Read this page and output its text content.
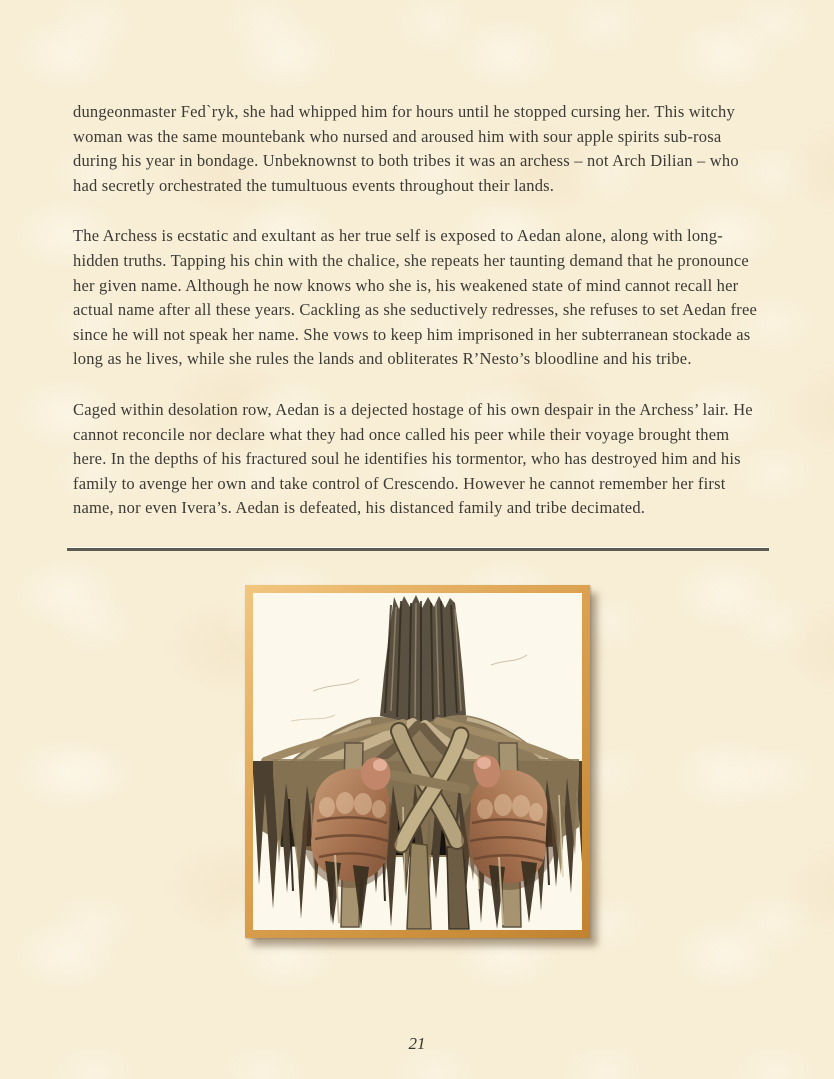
dungeonmaster Fed`ryk, she had whipped him for hours until he stopped cursing her. This witchy woman was the same mountebank who nursed and aroused him with sour apple spirits sub-rosa during his year in bondage. Unbeknownst to both tribes it was an archess – not Arch Dilian – who had secretly orchestrated the tumultuous events throughout their lands.

The Archess is ecstatic and exultant as her true self is exposed to Aedan alone, along with long-hidden truths. Tapping his chin with the chalice, she repeats her taunting demand that he pronounce her given name. Although he now knows who she is, his weakened state of mind cannot recall her actual name after all these years. Cackling as she seductively redresses, she refuses to set Aedan free since he will not speak her name. She vows to keep him imprisoned in her subterranean stockade as long as he lives, while she rules the lands and obliterates R’Nesto’s bloodline and his tribe.

Caged within desolation row, Aedan is a dejected hostage of his own despair in the Archess’ lair. He cannot reconcile nor declare what they had once called his peer while their voyage brought them here. In the depths of his fractured soul he identifies his tormentor, who has destroyed him and his family to avenge her own and take control of Crescendo. However he cannot remember her first name, nor even Ivera’s. Aedan is defeated, his distanced family and tribe decimated.

21
